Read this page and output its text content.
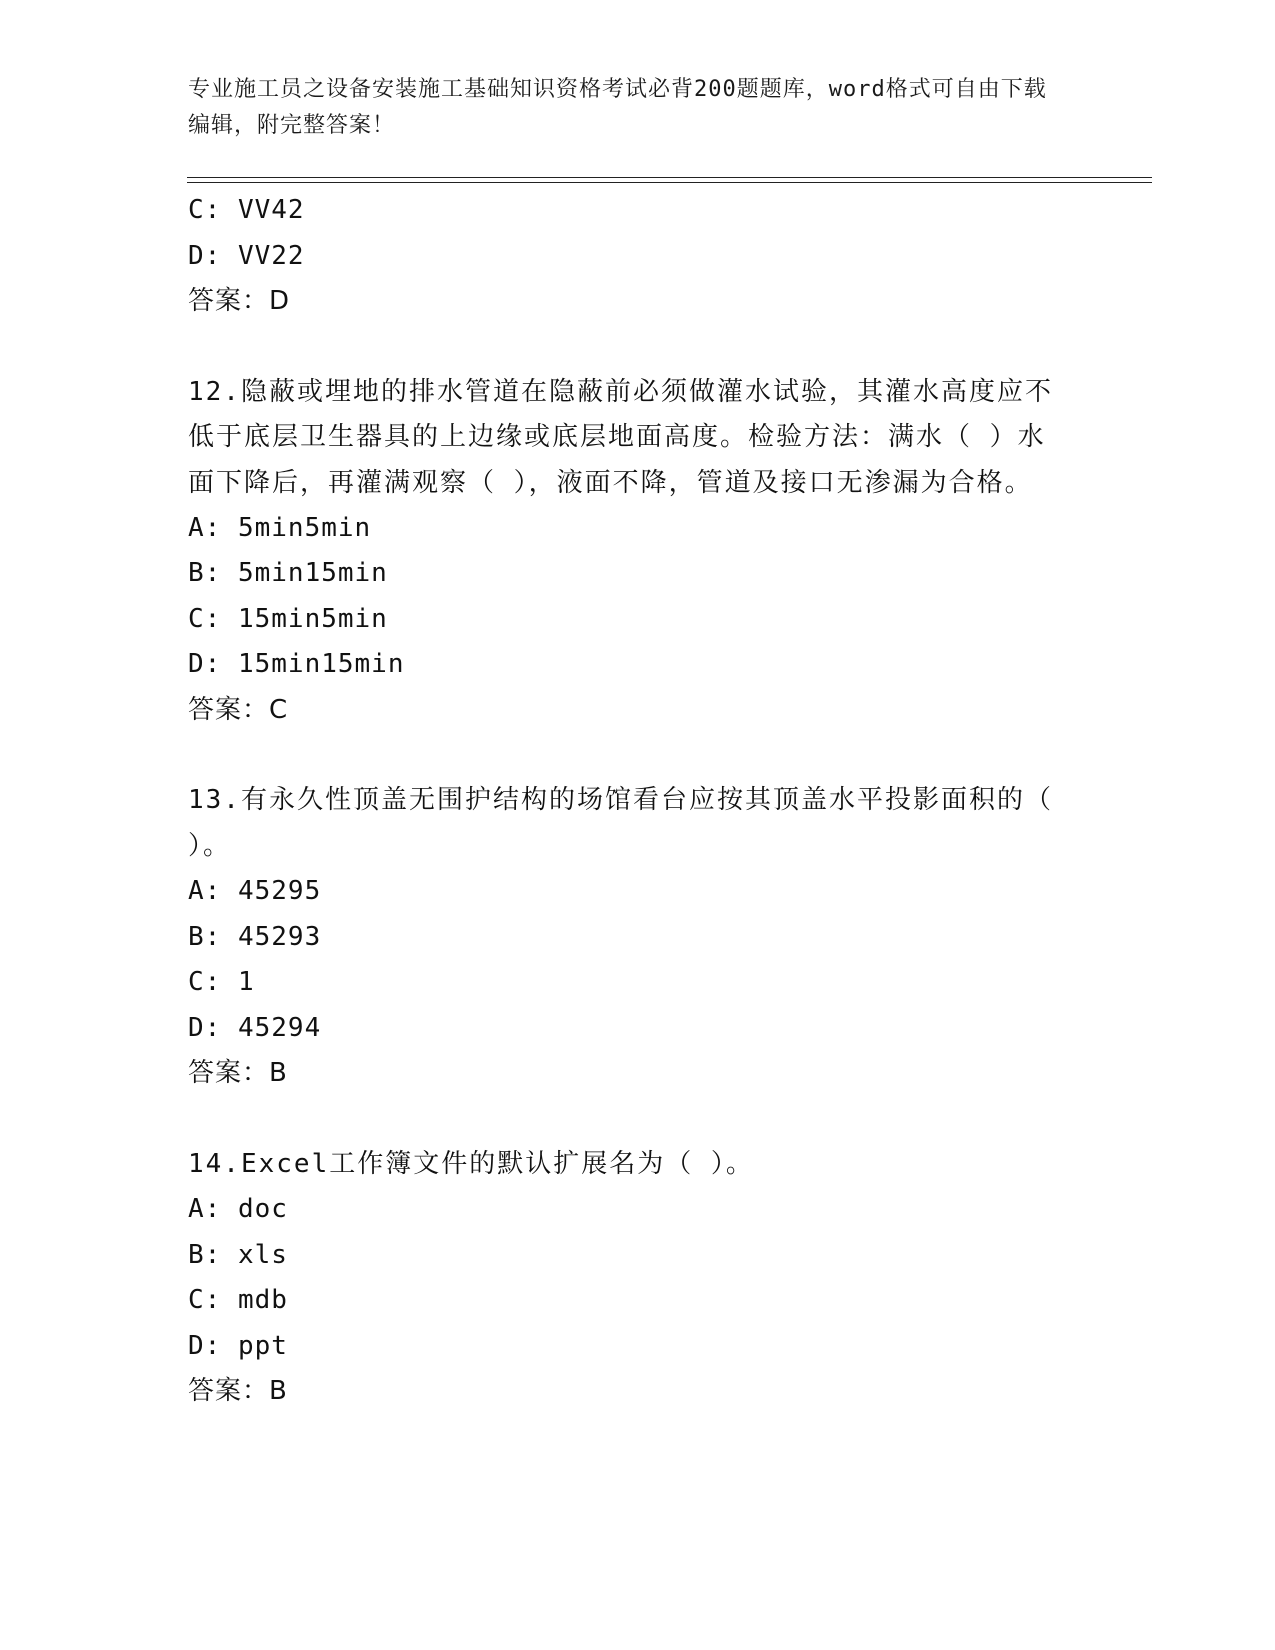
专业施工员之设备安装施工基础知识资格考试必背200题题库，word格式可自由下载编辑，附完整答案！
C: VV42
D: VV22
答案：D
12.隐蔽或埋地的排水管道在隐蔽前必须做灌水试验，其灌水高度应不低于底层卫生器具的上边缘或底层地面高度。检验方法：满水（ ）水面下降后，再灌满观察（ ），液面不降，管道及接口无渗漏为合格。
A: 5min5min
B: 5min15min
C: 15min5min
D: 15min15min
答案：C
13.有永久性顶盖无围护结构的场馆看台应按其顶盖水平投影面积的（ ）。
A: 45295
B: 45293
C: 1
D: 45294
答案：B
14.Excel工作簿文件的默认扩展名为（ ）。
A: doc
B: xls
C: mdb
D: ppt
答案：B
